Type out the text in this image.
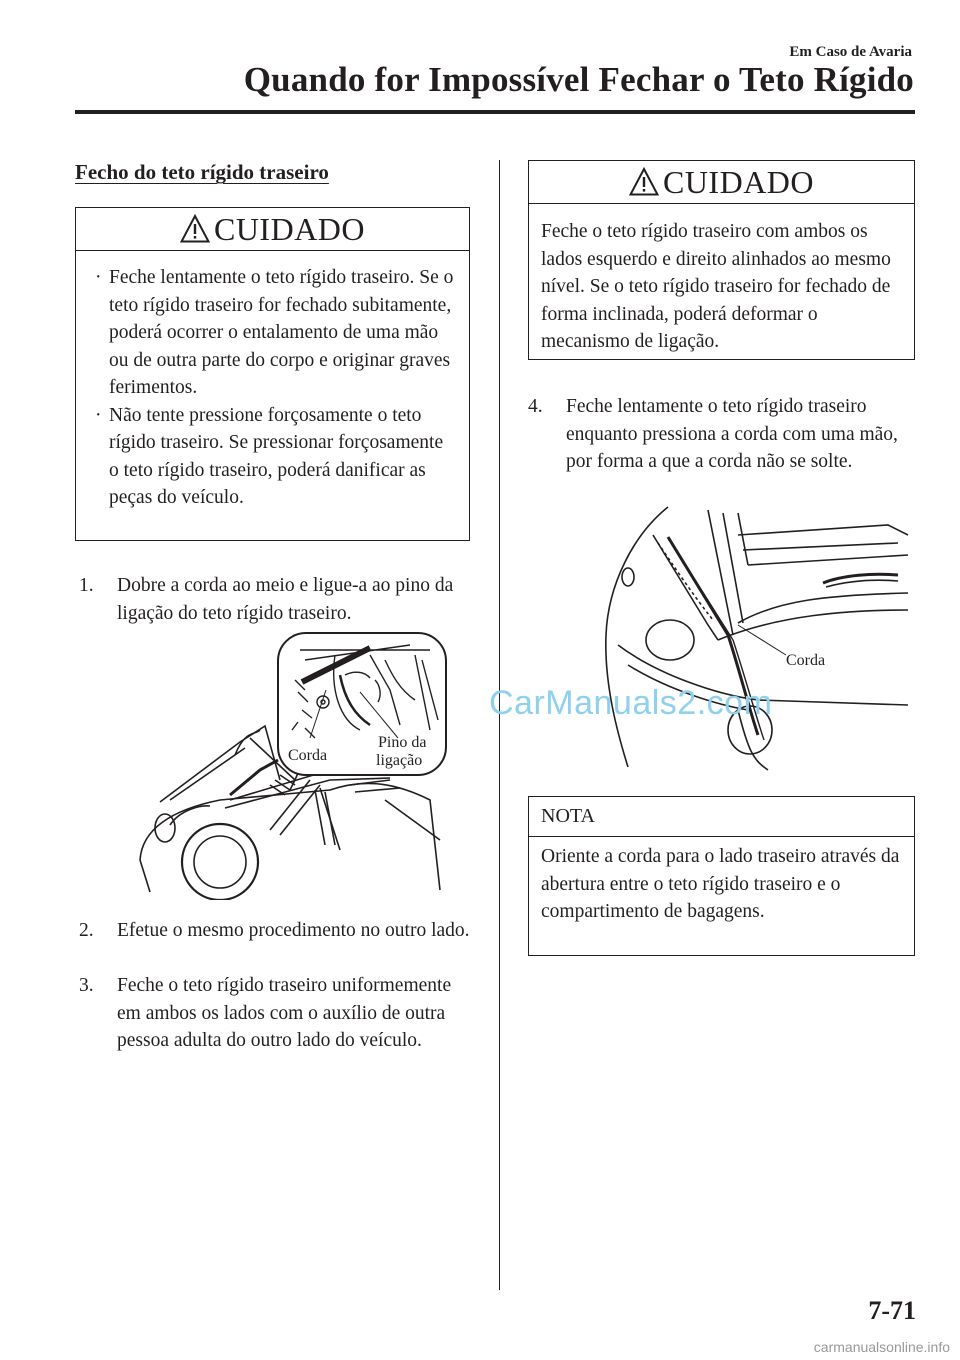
Em Caso de Avaria
Quando for Impossível Fechar o Teto Rígido
Fecho do teto rígido traseiro
CUIDADO
· Feche lentamente o teto rígido traseiro. Se o teto rígido traseiro for fechado subitamente, poderá ocorrer o entalamento de uma mão ou de outra parte do corpo e originar graves ferimentos.
· Não tente pressione forçosamente o teto rígido traseiro. Se pressionar forçosamente o teto rígido traseiro, poderá danificar as peças do veículo.
1.	Dobre a corda ao meio e ligue-a ao pino da ligação do teto rígido traseiro.
Corda
Pino da
ligação
2.	Efetue o mesmo procedimento no outro lado.
3.	Feche o teto rígido traseiro uniformemente em ambos os lados com o auxílio de outra pessoa adulta do outro lado do veículo.
CUIDADO
Feche o teto rígido traseiro com ambos os lados esquerdo e direito alinhados ao mesmo nível. Se o teto rígido traseiro for fechado de forma inclinada, poderá deformar o mecanismo de ligação.
4.	Feche lentamente o teto rígido traseiro enquanto pressiona a corda com uma mão, por forma a que a corda não se solte.
Corda
NOTA
Oriente a corda para o lado traseiro através da abertura entre o teto rígido traseiro e o compartimento de bagagens.
CarManuals2.com
7-71
carmanualsonline.info
